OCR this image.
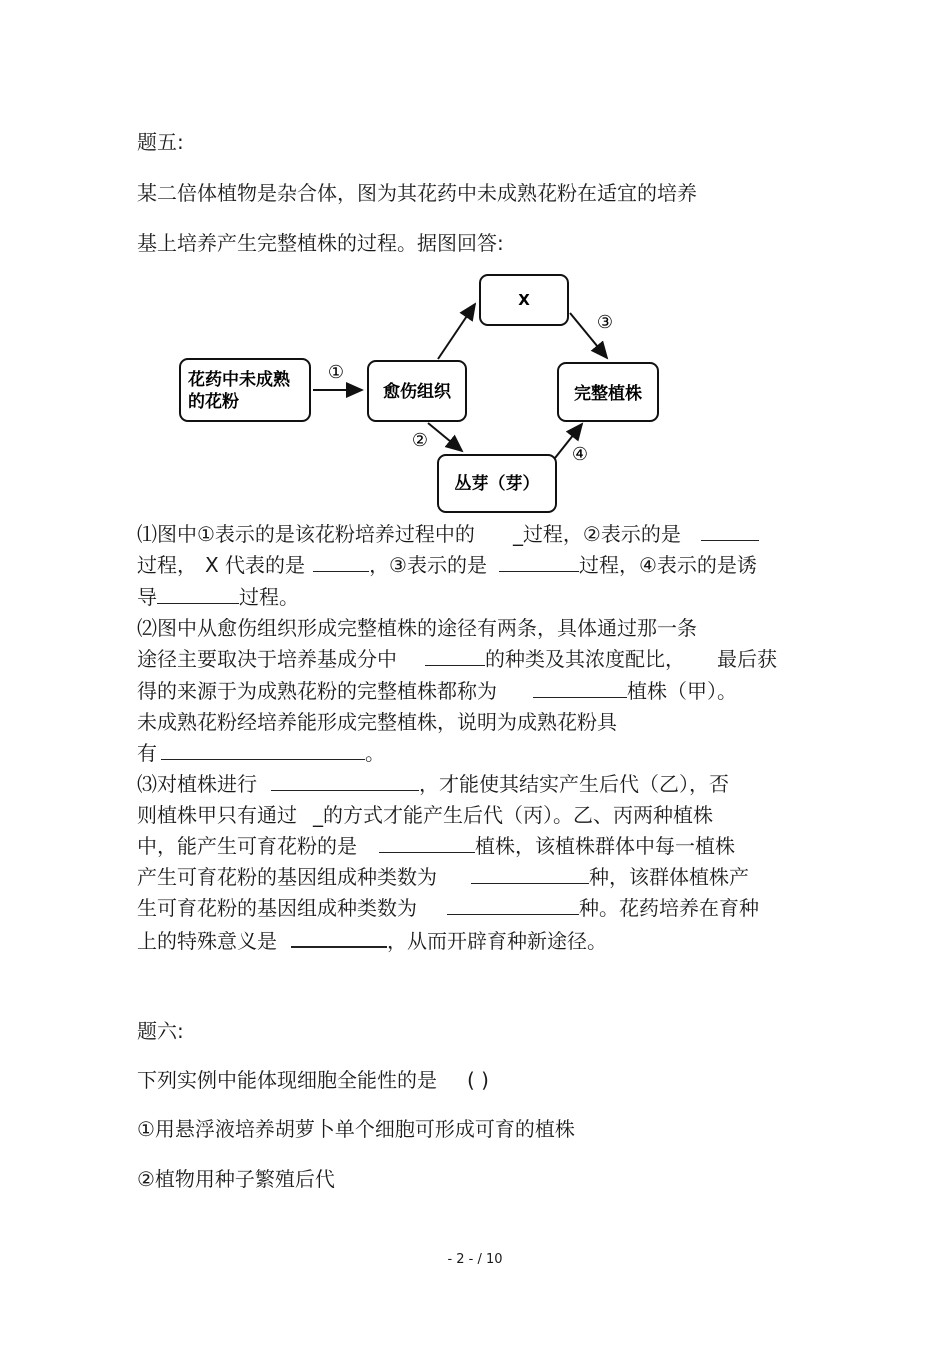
题五:
某二倍体植物是杂合体，图为其花药中未成熟花粉在适宜的培养
基上培养产生完整植株的过程。据图回答:
花药中未成熟
的花粉	愈伤组织
X
完整植株
丛芽（芽）
①
②
③
④
⑴图中①表示的是该花粉培养过程中的 _过程，②表示的是
过程， X 代表的是	，③表示的是	过程，④表示的是诱
导	过程。
⑵图中从愈伤组织形成完整植株的途径有两条，具体通过那一条
途径主要取决于培养基成分中	的种类及其浓度配比， 最后获
得的来源于为成熟花粉的完整植株都称为	植株（甲）。
未成熟花粉经培养能形成完整植株，说明为成熟花粉具
有	。
⑶对植株进行	，才能使其结实产生后代（乙），否
则植株甲只有通过 _的方式才能产生后代（丙）。乙、丙两种植株
中，能产生可育花粉的是	植株，该植株群体中每一植株
产生可育花粉的基因组成种类数为	种，该群体植株产
生可育花粉的基因组成种类数为	种。花药培养在育种
上的特殊意义是	，从而开辟育种新途径。
题六:
下列实例中能体现细胞全能性的是 ( )
①用悬浮液培养胡萝卜单个细胞可形成可育的植株
②植物用种子繁殖后代
- 2 - / 10
